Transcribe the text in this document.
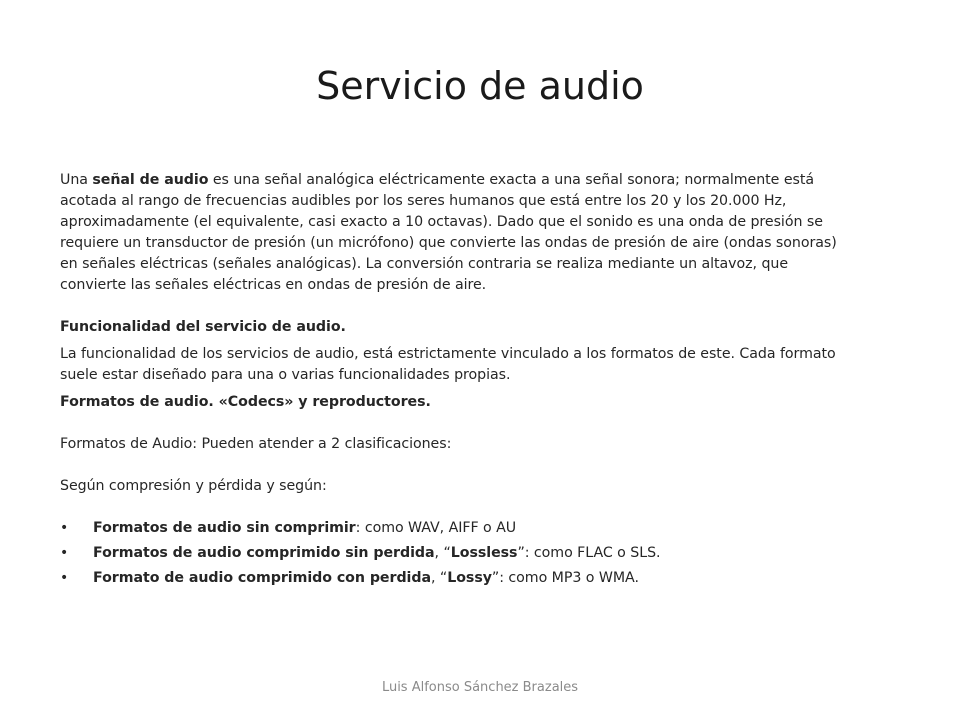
Servicio de audio

Una señal de audio es una señal analógica eléctricamente exacta a una señal sonora; normalmente está acotada al rango de frecuencias audibles por los seres humanos que está entre los 20 y los 20.000 Hz, aproximadamente (el equivalente, casi exacto a 10 octavas). Dado que el sonido es una onda de presión se requiere un transductor de presión (un micrófono) que convierte las ondas de presión de aire (ondas sonoras) en señales eléctricas (señales analógicas). La conversión contraria se realiza mediante un altavoz, que convierte las señales eléctricas en ondas de presión de aire.

Funcionalidad del servicio de audio.

La funcionalidad de los servicios de audio, está estrictamente vinculado a los formatos de este. Cada formato suele estar diseñado para una o varias funcionalidades propias.

Formatos de audio. «Codecs» y reproductores.

Formatos de Audio: Pueden atender a 2 clasificaciones:

Según compresión y pérdida y según:

• Formatos de audio sin comprimir: como WAV, AIFF o AU
• Formatos de audio comprimido sin perdida, “Lossless”: como FLAC o SLS.
• Formato de audio comprimido con perdida, “Lossy”: como MP3 o WMA.
Luis Alfonso Sánchez Brazales
